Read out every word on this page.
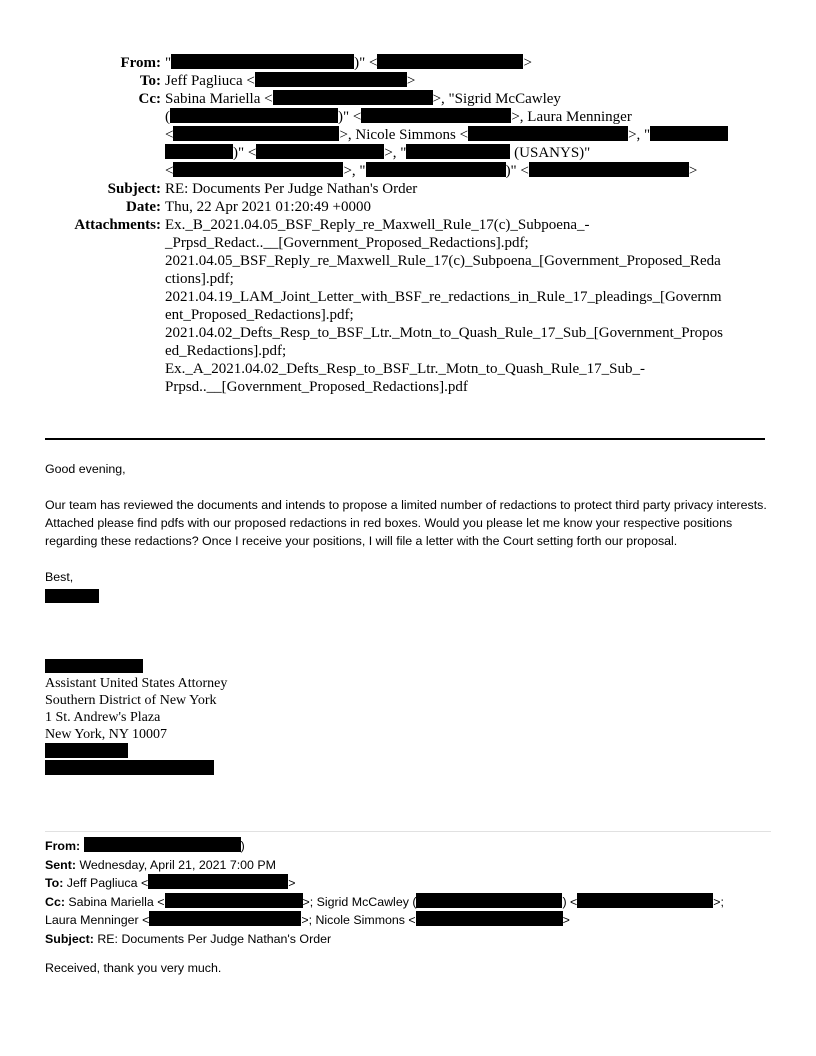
From: "	)" <	>
To: Jeff Pagliuca <	>
Cc: Sabina Mariella <	>, "Sigrid McCawley
(	)" <	>, Laura Menninger
<	>, Nicole Simmons <	>, "
)" <	>, "	(USANYS)"
<	>, "	)" <	>
Subject: RE: Documents Per Judge Nathan's Order
Date: Thu, 22 Apr 2021 01:20:49 +0000
Attachments: Ex._B_2021.04.05_BSF_Reply_re_Maxwell_Rule_17(c)_Subpoena_-
_Prpsd_Redact..__[Government_Proposed_Redactions].pdf;
2021.04.05_BSF_Reply_re_Maxwell_Rule_17(c)_Subpoena_[Government_Proposed_Reda
ctions].pdf;
2021.04.19_LAM_Joint_Letter_with_BSF_re_redactions_in_Rule_17_pleadings_[Governm
ent_Proposed_Redactions].pdf;
2021.04.02_Defts_Resp_to_BSF_Ltr._Motn_to_Quash_Rule_17_Sub_[Government_Propos
ed_Redactions].pdf;
Ex._A_2021.04.02_Defts_Resp_to_BSF_Ltr._Motn_to_Quash_Rule_17_Sub_-
Prpsd..__[Government_Proposed_Redactions].pdf

Good evening,

Our team has reviewed the documents and intends to propose a limited number of redactions to protect third party privacy interests. Attached please find pdfs with our proposed redactions in red boxes. Would you please let me know your respective positions regarding these redactions? Once I receive your positions, I will file a letter with the Court setting forth our proposal.

Best,

Assistant United States Attorney
Southern District of New York
1 St. Andrew's Plaza
New York, NY 10007

From:	)

Sent: Wednesday, April 21, 2021 7:00 PM

To: Jeff Pagliuca <	>

Cc: Sabina Mariella <	>; Sigrid McCawley (	) <	>;

Laura Menninger <	>; Nicole Simmons <	>

Subject: RE: Documents Per Judge Nathan's Order

Received, thank you very much.
